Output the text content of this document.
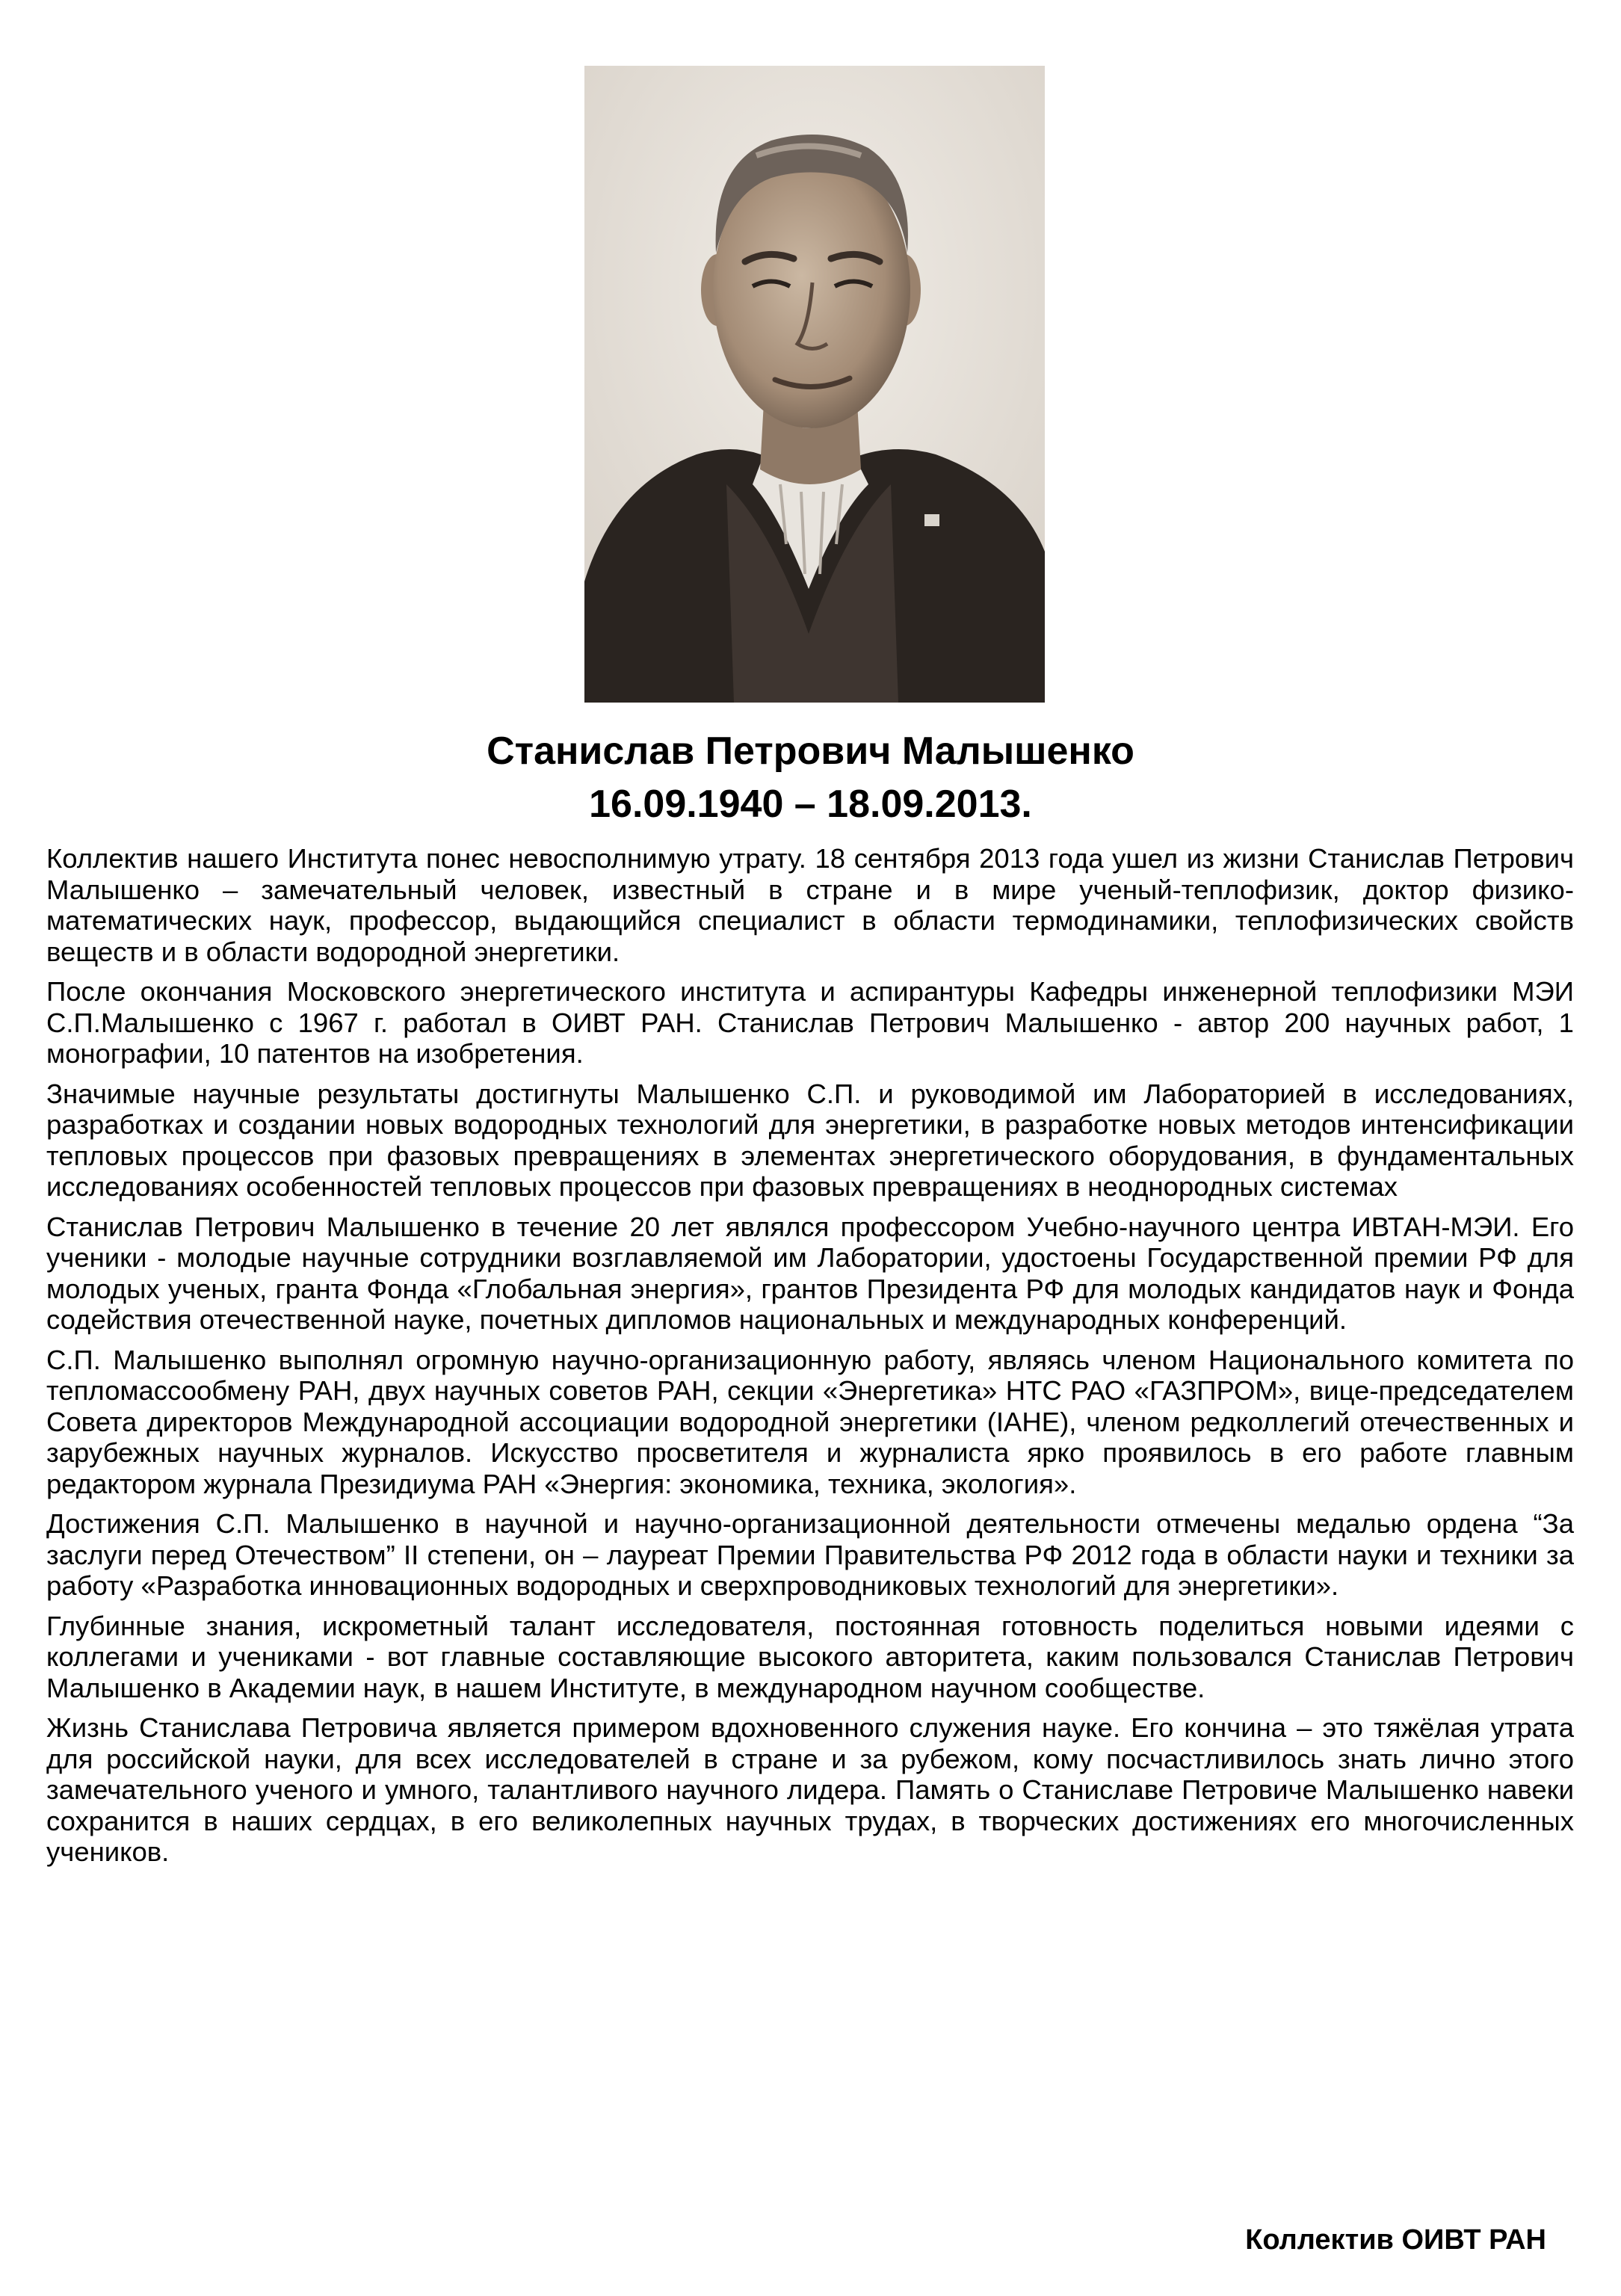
Станислав Петрович Малышенко
16.09.1940 – 18.09.2013.

Коллектив нашего Института понес невосполнимую утрату. 18 сентября 2013 года ушел из жизни Станислав Петрович Малышенко – замечательный человек, известный в стране и в мире ученый-теплофизик, доктор физико-математических наук, профессор, выдающийся специалист в области термодинамики, теплофизических свойств веществ и в области водородной энергетики.

После окончания Московского энергетического института и аспирантуры Кафедры инженерной теплофизики МЭИ С.П.Малышенко с 1967 г. работал в ОИВТ РАН. Станислав Петрович Малышенко - автор 200 научных работ, 1 монографии, 10 патентов на изобретения.

Значимые научные результаты достигнуты Малышенко С.П. и руководимой им Лабораторией в исследованиях, разработках и создании новых водородных технологий для энергетики, в разработке новых методов интенсификации тепловых процессов при фазовых превращениях в элементах энергетического оборудования, в фундаментальных исследованиях особенностей тепловых процессов при фазовых превращениях в неоднородных системах

Станислав Петрович Малышенко в течение 20 лет являлся профессором Учебно-научного центра ИВТАН-МЭИ. Его ученики - молодые научные сотрудники возглавляемой им Лаборатории, удостоены Государственной премии РФ для молодых ученых, гранта Фонда «Глобальная энергия», грантов Президента РФ для молодых кандидатов наук и Фонда содействия отечественной науке, почетных дипломов национальных и международных конференций.

С.П. Малышенко выполнял огромную научно-организационную работу, являясь членом Национального комитета по тепломассообмену РАН, двух научных советов РАН, секции «Энергетика» НТС РАО «ГАЗПРОМ», вице-председателем Совета директоров Международной ассоциации водородной энергетики (IAHE), членом редколлегий отечественных и зарубежных научных журналов. Искусство просветителя и журналиста ярко проявилось в его работе главным редактором журнала Президиума РАН «Энергия: экономика, техника, экология».

Достижения С.П. Малышенко в научной и научно-организационной деятельности отмечены медалью ордена “За заслуги перед Отечеством” II степени, он – лауреат Премии Правительства РФ 2012 года в области науки и техники за работу «Разработка инновационных водородных и сверхпроводниковых технологий для энергетики».

Глубинные знания, искрометный талант исследователя, постоянная готовность поделиться новыми идеями с коллегами и учениками - вот главные составляющие высокого авторитета, каким пользовался Станислав Петрович Малышенко в Академии наук, в нашем Институте, в международном научном сообществе.

Жизнь Станислава Петровича является примером вдохновенного служения науке. Его кончина – это тяжёлая утрата для российской науки, для всех исследователей в стране и за рубежом, кому посчастливилось знать лично этого замечательного ученого и умного, талантливого научного лидера. Память о Станиславе Петровиче Малышенко навеки сохранится в наших сердцах, в его великолепных научных трудах, в творческих достижениях его многочисленных учеников.

Коллектив ОИВТ РАН
